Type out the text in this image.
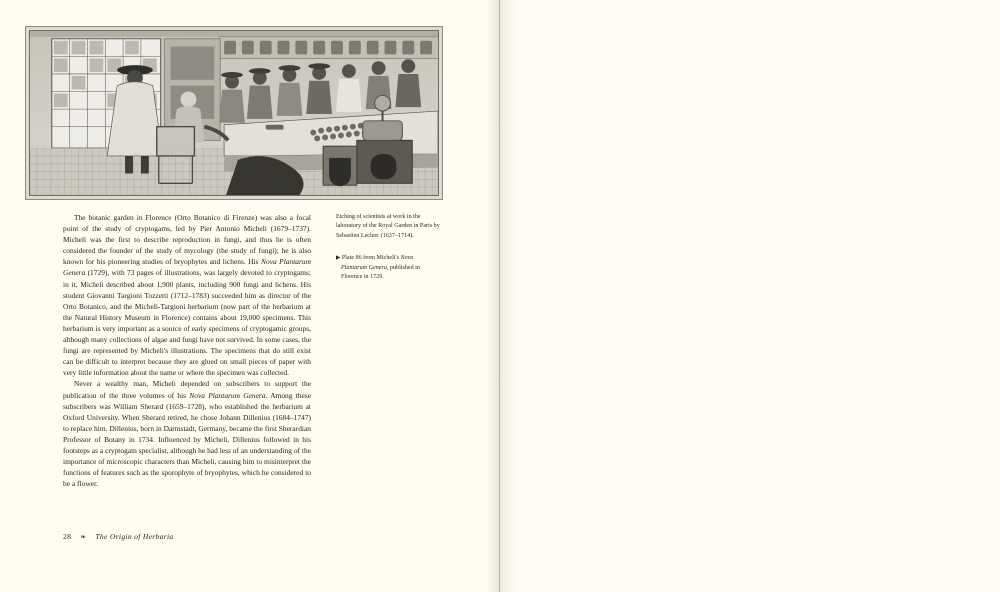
The botanic garden in Florence (Orto Botanico di Firenze) was also a focal point of the study of cryptogams, led by Pier Antonio Micheli (1679–1737). Micheli was the first to describe reproduction in fungi, and thus he is often considered the founder of the study of mycology (the study of fungi); he is also known for his pioneering studies of bryophytes and lichens. His Nova Plantarum Genera (1729), with 73 pages of illustrations, was largely devoted to cryptogams; in it, Micheli described about 1,900 plants, including 900 fungi and lichens. His student Giovanni Targioni Tozzetti (1712–1783) succeeded him as director of the Orto Botanico, and the Micheli-Targioni herbarium (now part of the herbarium at the Natural History Museum in Florence) contains about 19,000 specimens. This herbarium is very important as a source of early specimens of cryptogamic groups, although many collections of algae and fungi have not survived. In some cases, the fungi are represented by Micheli's illustrations. The specimens that do still exist can be difficult to interpret because they are glued on small pieces of paper with very little information about the name or where the specimen was collected.

Never a wealthy man, Micheli depended on subscribers to support the publication of the three volumes of his Nova Plantarum Genera. Among these subscribers was William Sherard (1659–1728), who established the herbarium at Oxford University. When Sherard retired, he chose Johann Dillenius (1684–1747) to replace him. Dillenius, born in Darmstadt, Germany, became the first Sherardian Professor of Botany in 1734. Influenced by Micheli, Dillenius followed in his footsteps as a cryptogam specialist, although he had less of an understanding of the importance of microscopic characters than Micheli, causing him to misinterpret the functions of features such as the sporophyte of bryophytes, which he considered to be a flower.

Etching of scientists at work in the laboratory of the Royal Garden in Paris by Sebastien Leclerc (1637–1714).

▶ Plate 86 from Micheli's Nova Plantarum Genera, published in Florence in 1729.

28 ❧ The Origin of Herbaria
